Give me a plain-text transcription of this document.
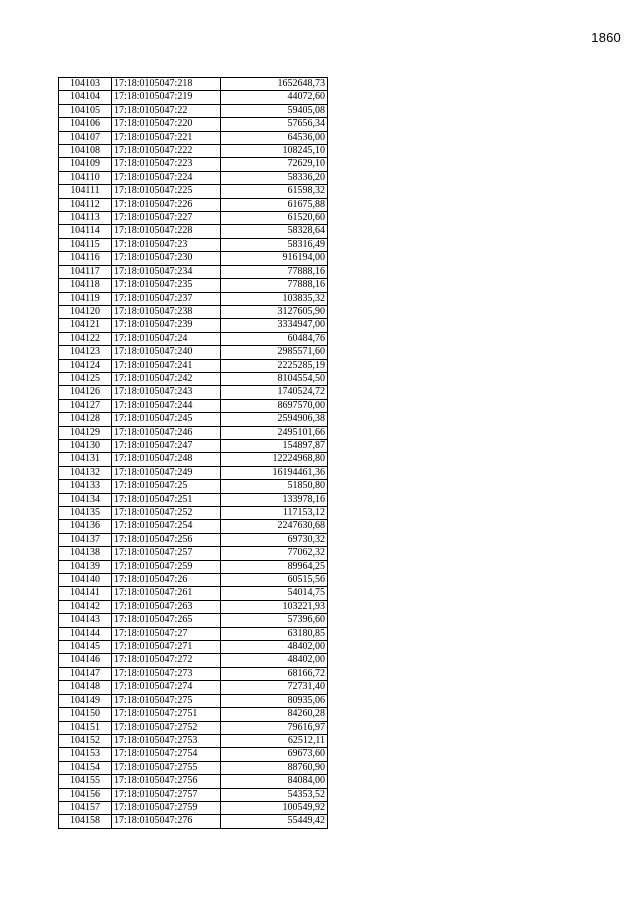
1860
104103	17:18:0105047:218	1652648,73
104104	17:18:0105047:219	44072,60
104105	17:18:0105047:22	59405,08
104106	17:18:0105047:220	57656,34
104107	17:18:0105047:221	64536,00
104108	17:18:0105047:222	108245,10
104109	17:18:0105047:223	72629,10
104110	17:18:0105047:224	58336,20
104111	17:18:0105047:225	61598,32
104112	17:18:0105047:226	61675,88
104113	17:18:0105047:227	61520,60
104114	17:18:0105047:228	58328,64
104115	17:18:0105047:23	58316,49
104116	17:18:0105047:230	916194,00
104117	17:18:0105047:234	77888,16
104118	17:18:0105047:235	77888,16
104119	17:18:0105047:237	103835,32
104120	17:18:0105047:238	3127605,90
104121	17:18:0105047:239	3334947,00
104122	17:18:0105047:24	60484,76
104123	17:18:0105047:240	2985571,60
104124	17:18:0105047:241	2225285,19
104125	17:18:0105047:242	8104554,50
104126	17:18:0105047:243	1740524,72
104127	17:18:0105047:244	8697570,00
104128	17:18:0105047:245	2594906,38
104129	17:18:0105047:246	2495101,66
104130	17:18:0105047:247	154897,87
104131	17:18:0105047:248	12224968,80
104132	17:18:0105047:249	16194461,36
104133	17:18:0105047:25	51850,80
104134	17:18:0105047:251	133978,16
104135	17:18:0105047:252	117153,12
104136	17:18:0105047:254	2247630,68
104137	17:18:0105047:256	69730,32
104138	17:18:0105047:257	77062,32
104139	17:18:0105047:259	89964,25
104140	17:18:0105047:26	60515,56
104141	17:18:0105047:261	54014,75
104142	17:18:0105047:263	103221,93
104143	17:18:0105047:265	57396,60
104144	17:18:0105047:27	63180,85
104145	17:18:0105047:271	48402,00
104146	17:18:0105047:272	48402,00
104147	17:18:0105047:273	68166,72
104148	17:18:0105047:274	72731,40
104149	17:18:0105047:275	80935,06
104150	17:18:0105047:2751	84260,28
104151	17:18:0105047:2752	79616,97
104152	17:18:0105047:2753	62512,11
104153	17:18:0105047:2754	69673,60
104154	17:18:0105047:2755	88760,90
104155	17:18:0105047:2756	84084,00
104156	17:18:0105047:2757	54353,52
104157	17:18:0105047:2759	100549,92
104158	17:18:0105047:276	55449,42
